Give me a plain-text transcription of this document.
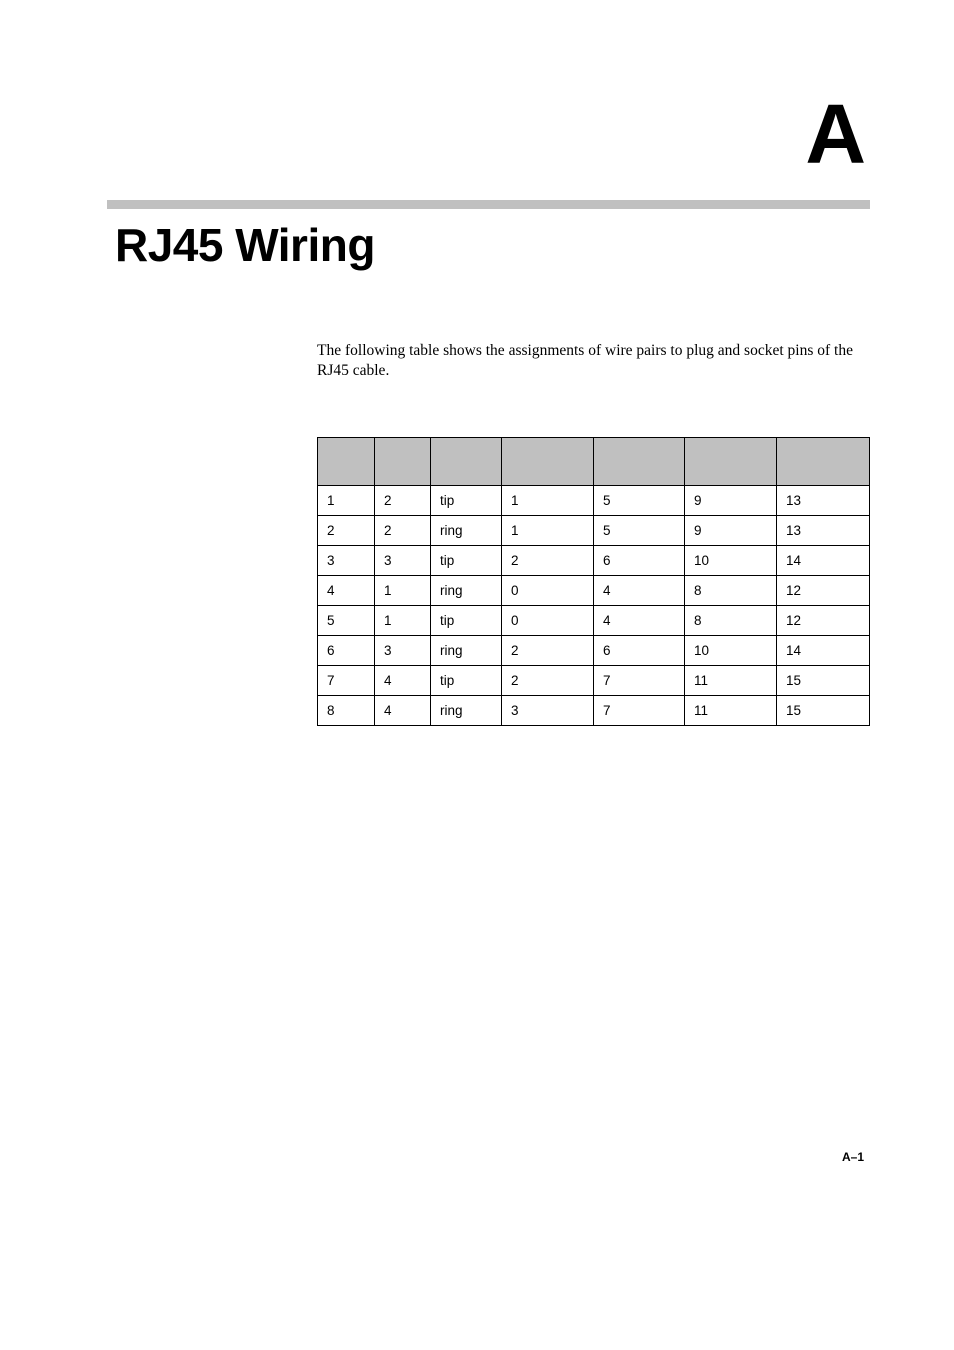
A
RJ45 Wiring

The following table shows the assignments of wire pairs to plug and socket pins of the RJ45 cable.

1	2	tip	1	5	9	13
2	2	ring	1	5	9	13
3	3	tip	2	6	10	14
4	1	ring	0	4	8	12
5	1	tip	0	4	8	12
6	3	ring	2	6	10	14
7	4	tip	2	7	11	15
8	4	ring	3	7	11	15
A–1
